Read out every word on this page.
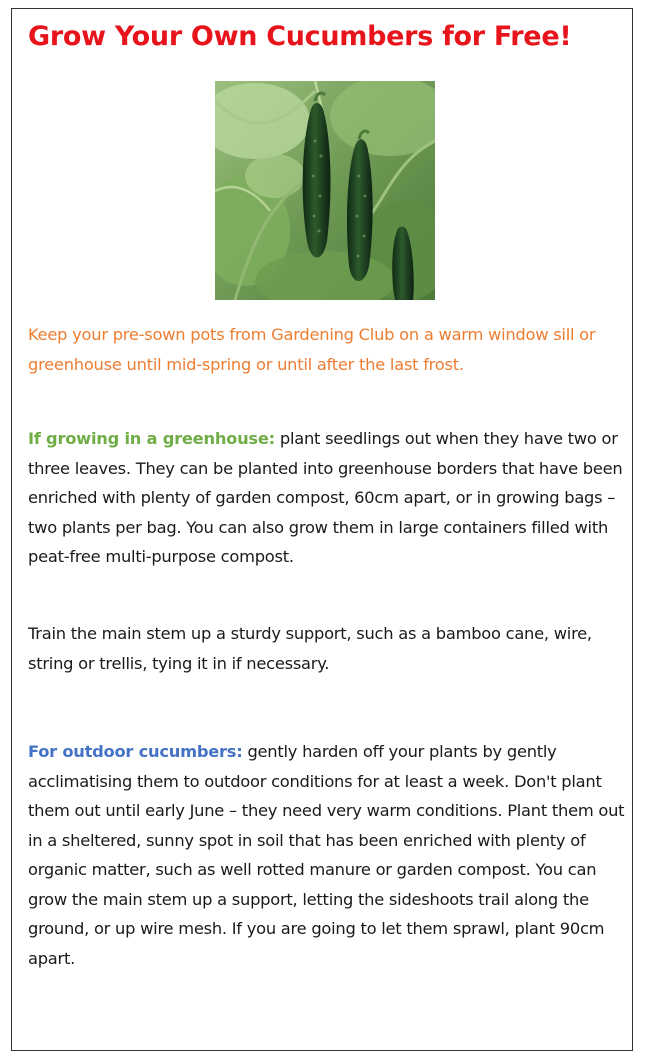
Grow Your Own Cucumbers for Free!

Keep your pre-sown pots from Gardening Club on a warm window sill or greenhouse until mid-spring or until after the last frost.

If growing in a greenhouse: plant seedlings out when they have two or three leaves. They can be planted into greenhouse borders that have been enriched with plenty of garden compost, 60cm apart, or in growing bags – two plants per bag. You can also grow them in large containers filled with peat-free multi-purpose compost.

Train the main stem up a sturdy support, such as a bamboo cane, wire, string or trellis, tying it in if necessary.

For outdoor cucumbers: gently harden off your plants by gently acclimatising them to outdoor conditions for at least a week. Don't plant them out until early June – they need very warm conditions. Plant them out in a sheltered, sunny spot in soil that has been enriched with plenty of organic matter, such as well rotted manure or garden compost. You can grow the main stem up a support, letting the sideshoots trail along the ground, or up wire mesh. If you are going to let them sprawl, plant 90cm apart.
